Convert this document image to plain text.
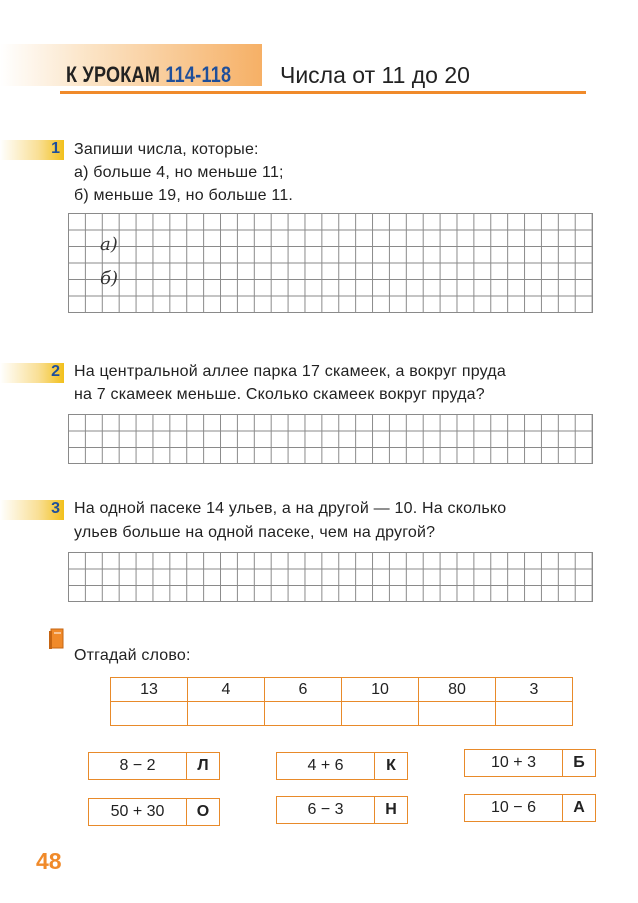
К УРОКАМ 114-118 Числа от 11 до 20
1 Запиши числа, которые:
а) больше 4, но меньше 11;
б) меньше 19, но больше 11.
а)
б)
2 На центральной аллее парка 17 скамеек, а вокруг пруда
на 7 скамеек меньше. Сколько скамеек вокруг пруда?
3 На одной пасеке 14 ульев, а на другой — 10. На сколько
ульев больше на одной пасеке, чем на другой?
Отгадай слово:
13	4	6	10	80	3

8 − 2	Л	4 + 6	К	10 + 3	Б
50 + 30	О	6 − 3	Н	10 − 6	А
48
